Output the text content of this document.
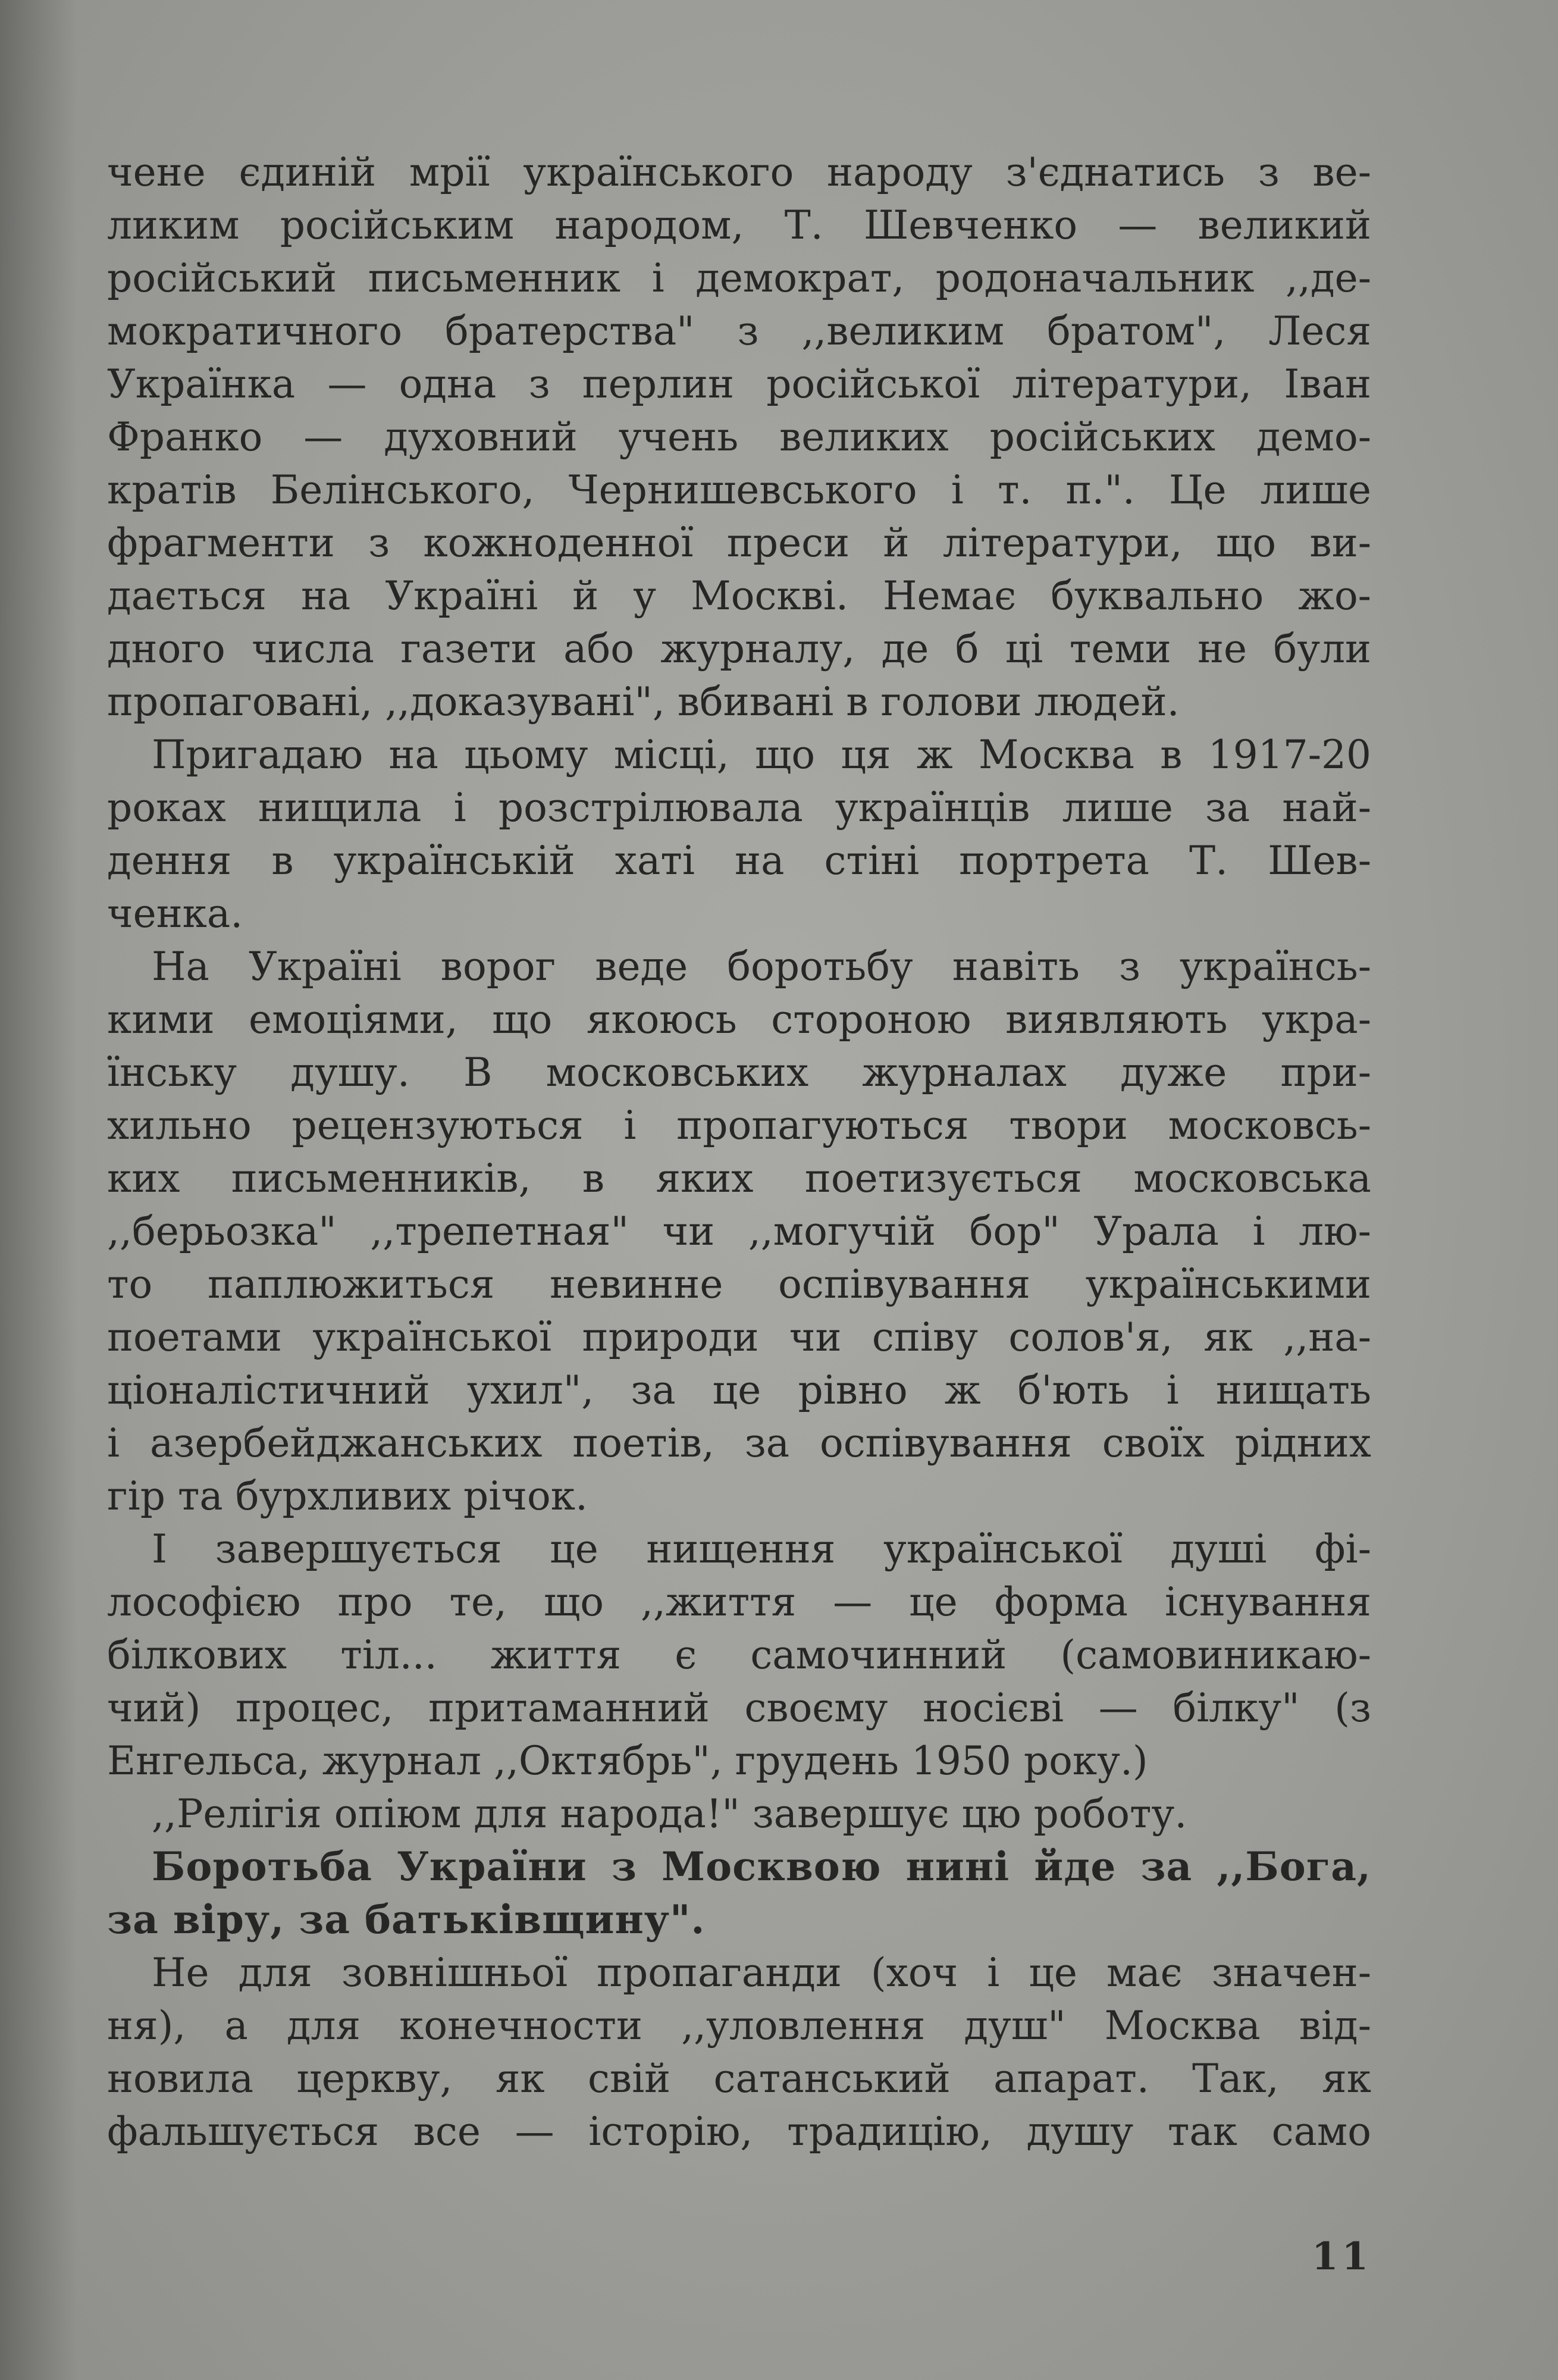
чене єдиній мрії українського народу з'єднатись з ве-
ликим російським народом, Т. Шевченко — великий
російський письменник і демократ, родоначальник ,,де-
мократичного братерства" з ,,великим братом", Леся
Українка — одна з перлин російської літератури, Іван
Франко — духовний учень великих російських демо-
кратів Белінського, Чернишевського і т. п.". Це лише
фрагменти з кожноденної преси й літератури, що ви-
дається на Україні й у Москві. Немає буквально жо-
дного числа газети або журналу, де б ці теми не були
пропаговані, ,,доказувані", вбивані в голови людей.

Пригадаю на цьому місці, що ця ж Москва в 1917-20
роках нищила і розстрілювала українців лише за най-
дення в українській хаті на стіні портрета Т. Шев-
ченка.

На Україні ворог веде боротьбу навіть з українсь-
кими емоціями, що якоюсь стороною виявляють укра-
їнську душу. В московських журналах дуже при-
хильно рецензуються і пропагуються твори московсь-
ких письменників, в яких поетизується московська
,,берьозка" ,,трепетная" чи ,,могучій бор" Урала і лю-
то паплюжиться невинне оспівування українськими
поетами української природи чи співу солов'я, як ,,на-
ціоналістичний ухил", за це рівно ж б'ють і нищать
і азербейджанських поетів, за оспівування своїх рідних
гір та бурхливих річок.

І завершується це нищення української душі фі-
лософією про те, що ,,життя — це форма існування
білкових тіл... життя є самочинний (самовиникаю-
чий) процес, притаманний своєму носієві — білку" (з
Енгельса, журнал ,,Октябрь", грудень 1950 року.)

,,Релігія опіюм для народа!" завершує цю роботу.

Боротьба України з Москвою нині йде за ,,Бога,
за віру, за батьківщину".

Не для зовнішньої пропаганди (хоч і це має значен-
ня), а для конечности ,,уловлення душ" Москва від-
новила церкву, як свій сатанський апарат. Так, як
фальшується все — історію, традицію, душу так само

11
